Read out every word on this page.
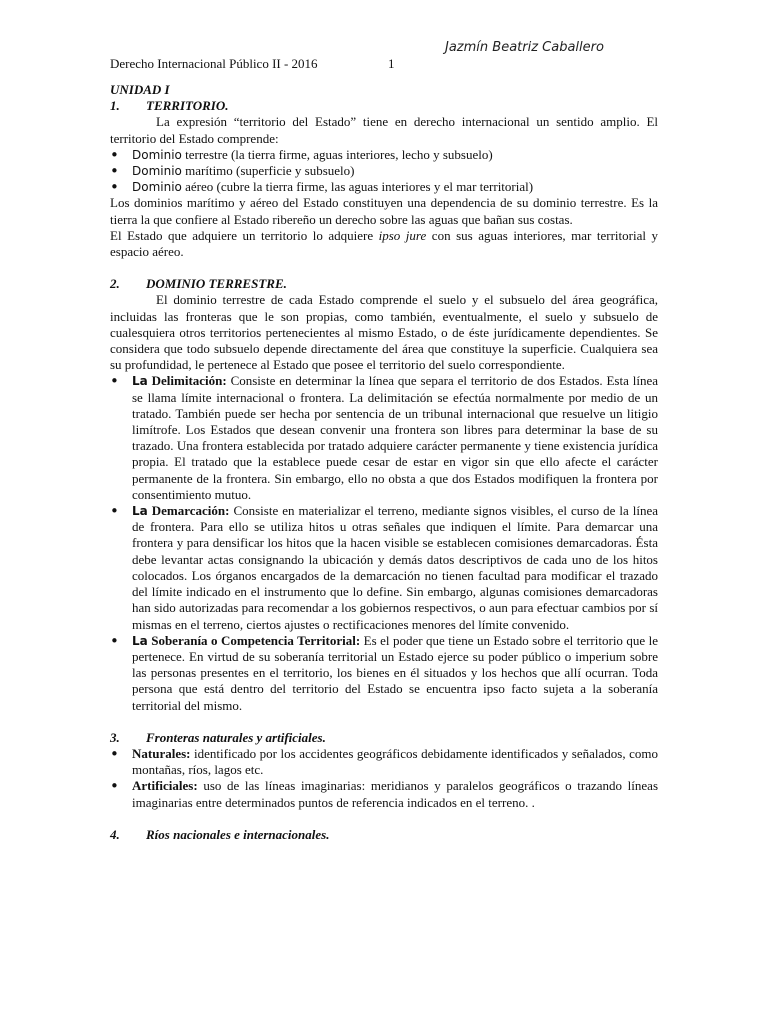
Jazmín Beatriz Caballero
Derecho Internacional Público II - 2016	1
UNIDAD I
1.	TERRITORIO.

La expresión “territorio del Estado” tiene en derecho internacional un sentido amplio. El territorio del Estado comprende:

• Dominio terrestre (la tierra firme, aguas interiores, lecho y subsuelo)
• Dominio marítimo (superficie y subsuelo)
• Dominio aéreo (cubre la tierra firme, las aguas interiores y el mar territorial)

Los dominios marítimo y aéreo del Estado constituyen una dependencia de su dominio terrestre. Es la tierra la que confiere al Estado ribereño un derecho sobre las aguas que bañan sus costas.

El Estado que adquiere un territorio lo adquiere ipso jure con sus aguas interiores, mar territorial y espacio aéreo.

2.	DOMINIO TERRESTRE.

El dominio terrestre de cada Estado comprende el suelo y el subsuelo del área geográfica, incluidas las fronteras que le son propias, como también, eventualmente, el suelo y subsuelo de cualesquiera otros territorios pertenecientes al mismo Estado, o de éste jurídicamente dependientes. Se considera que todo subsuelo depende directamente del área que constituye la superficie. Cualquiera sea su profundidad, le pertenece al Estado que posee el territorio del suelo correspondiente.

• La Delimitación: Consiste en determinar la línea que separa el territorio de dos Estados. Esta línea se llama límite internacional o frontera. La delimitación se efectúa normalmente por medio de un tratado. También puede ser hecha por sentencia de un tribunal internacional que resuelve un litigio limítrofe. Los Estados que desean convenir una frontera son libres para determinar la base de su trazado. Una frontera establecida por tratado adquiere carácter permanente y tiene existencia jurídica propia. El tratado que la establece puede cesar de estar en vigor sin que ello afecte el carácter permanente de la frontera. Sin embargo, ello no obsta a que dos Estados modifiquen la frontera por consentimiento mutuo.
• La Demarcación: Consiste en materializar el terreno, mediante signos visibles, el curso de la línea de frontera. Para ello se utiliza hitos u otras señales que indiquen el límite. Para demarcar una frontera y para densificar los hitos que la hacen visible se establecen comisiones demarcadoras. Ésta debe levantar actas consignando la ubicación y demás datos descriptivos de cada uno de los hitos colocados. Los órganos encargados de la demarcación no tienen facultad para modificar el trazado del límite indicado en el instrumento que lo define. Sin embargo, algunas comisiones demarcadoras han sido autorizadas para recomendar a los gobiernos respectivos, o aun para efectuar cambios por sí mismas en el terreno, ciertos ajustes o rectificaciones menores del límite convenido.
• La Soberanía o Competencia Territorial: Es el poder que tiene un Estado sobre el territorio que le pertenece. En virtud de su soberanía territorial un Estado ejerce su poder público o imperium sobre las personas presentes en el territorio, los bienes en él situados y los hechos que allí ocurran. Toda persona que está dentro del territorio del Estado se encuentra ipso facto sujeta a la soberanía territorial del mismo.
3.	Fronteras naturales y artificiales.
• Naturales: identificado por los accidentes geográficos debidamente identificados y señalados, como montañas, ríos, lagos etc.
• Artificiales: uso de las líneas imaginarias: meridianos y paralelos geográficos o trazando líneas imaginarias entre determinados puntos de referencia indicados en el terreno. .
4.	Ríos nacionales e internacionales.
